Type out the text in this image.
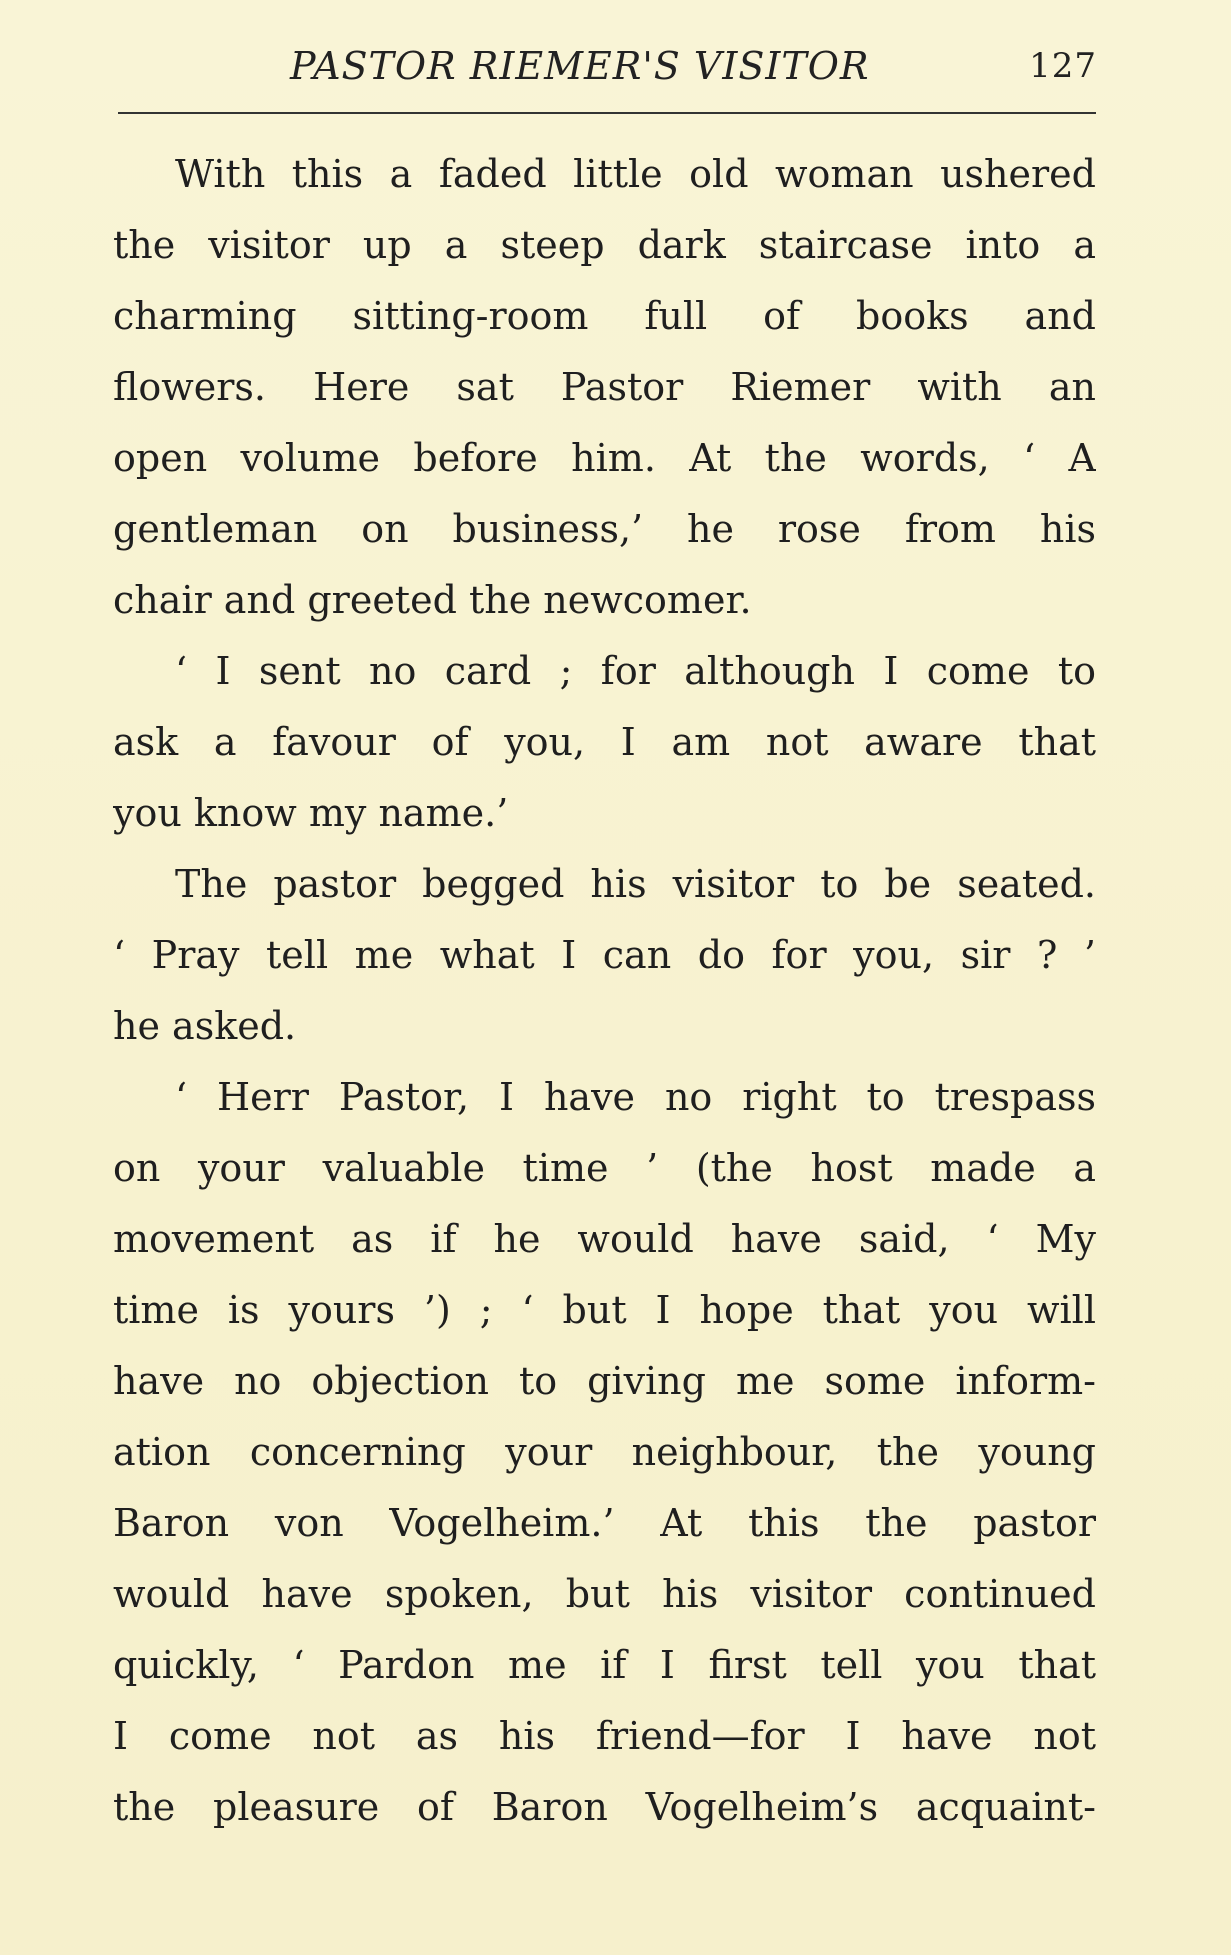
PASTOR RIEMER'S VISITOR	127
With this a faded little old woman ushered
the visitor up a steep dark staircase into a
charming sitting-room full of books and
flowers. Here sat Pastor Riemer with an
open volume before him. At the words, ‘ A
gentleman on business,’ he rose from his
chair and greeted the newcomer.
‘ I sent no card ; for although I come to
ask a favour of you, I am not aware that
you know my name.’
The pastor begged his visitor to be seated.
‘ Pray tell me what I can do for you, sir ? ’
he asked.
‘ Herr Pastor, I have no right to trespass
on your valuable time ’ (the host made a
movement as if he would have said, ‘ My
time is yours ’) ; ‘ but I hope that you will
have no objection to giving me some inform-
ation concerning your neighbour, the young
Baron von Vogelheim.’ At this the pastor
would have spoken, but his visitor continued
quickly, ‘ Pardon me if I first tell you that
I come not as his friend—for I have not
the pleasure of Baron Vogelheim’s acquaint-
